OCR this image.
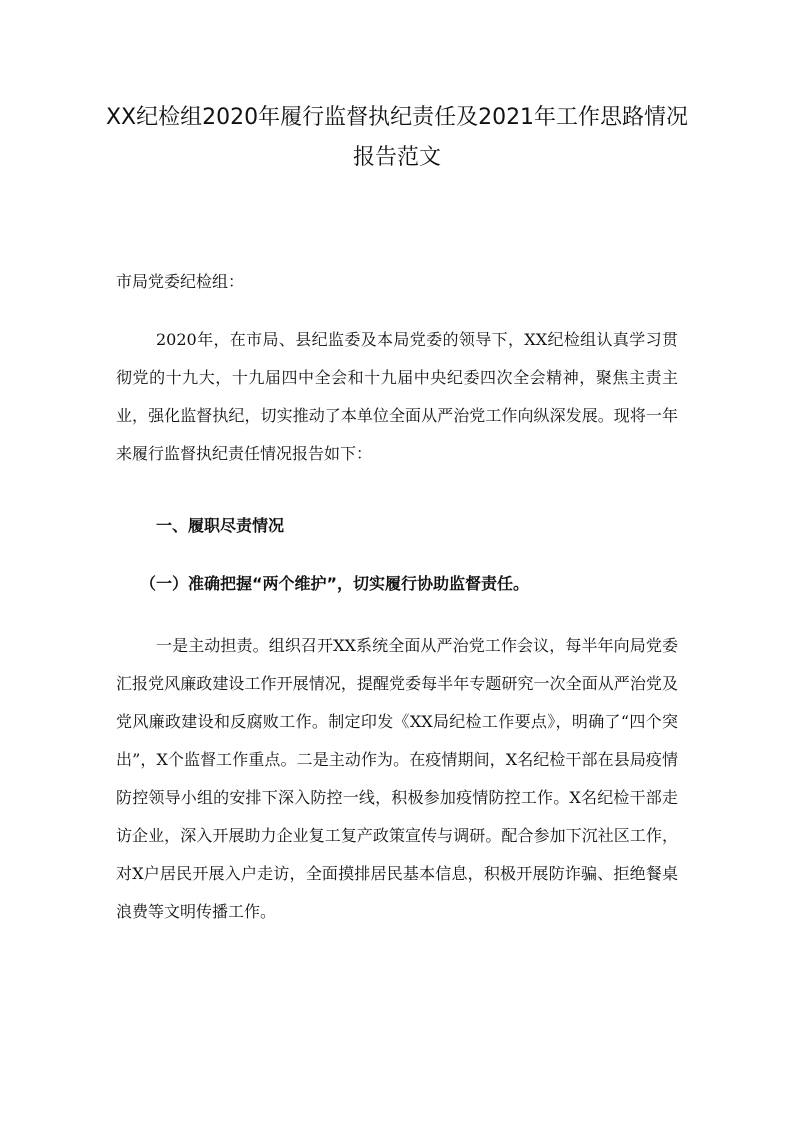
XX纪检组2020年履行监督执纪责任及2021年工作思路情况报告范文

市局党委纪检组：

2020年，在市局、县纪监委及本局党委的领导下，XX纪检组认真学习贯彻党的十九大，十九届四中全会和十九届中央纪委四次全会精神，聚焦主责主业，强化监督执纪，切实推动了本单位全面从严治党工作向纵深发展。现将一年来履行监督执纪责任情况报告如下：

一、履职尽责情况

（一）准确把握“两个维护”，切实履行协助监督责任。

一是主动担责。组织召开XX系统全面从严治党工作会议，每半年向局党委汇报党风廉政建设工作开展情况，提醒党委每半年专题研究一次全面从严治党及党风廉政建设和反腐败工作。制定印发《XX局纪检工作要点》，明确了“四个突出”，X个监督工作重点。二是主动作为。在疫情期间，X名纪检干部在县局疫情防控领导小组的安排下深入防控一线，积极参加疫情防控工作。X名纪检干部走访企业，深入开展助力企业复工复产政策宣传与调研。配合参加下沉社区工作，对X户居民开展入户走访，全面摸排居民基本信息，积极开展防诈骗、拒绝餐桌浪费等文明传播工作。
